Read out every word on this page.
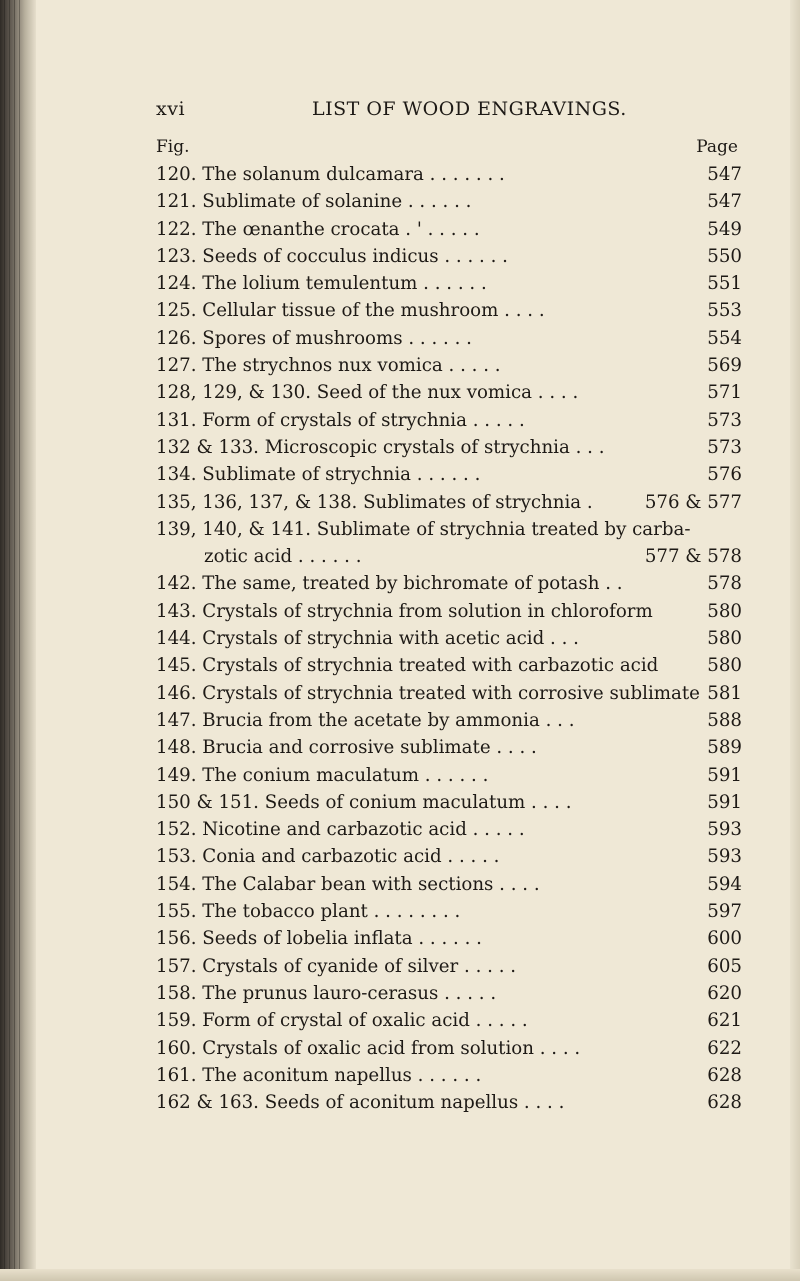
xvi	LIST OF WOOD ENGRAVINGS.
Fig.	Page
120. The solanum dulcamara . . . . . . .	547
121. Sublimate of solanine . . . . . .	547
122. The œnanthe crocata . ' . . . . .	549
123. Seeds of cocculus indicus . . . . . .	550
124. The lolium temulentum . . . . . .	551
125. Cellular tissue of the mushroom . . . .	553
126. Spores of mushrooms . . . . . .	554
127. The strychnos nux vomica . . . . .	569
128, 129, & 130. Seed of the nux vomica . . . .	571
131. Form of crystals of strychnia . . . . .	573
132 & 133. Microscopic crystals of strychnia . . .	573
134. Sublimate of strychnia . . . . . .	576
135, 136, 137, & 138. Sublimates of strychnia .	576 & 577
139, 140, & 141. Sublimate of strychnia treated by carba-
zotic acid . . . . . .	577 & 578
142. The same, treated by bichromate of potash . .	578
143. Crystals of strychnia from solution in chloroform	580
144. Crystals of strychnia with acetic acid . . .	580
145. Crystals of strychnia treated with carbazotic acid	580
146. Crystals of strychnia treated with corrosive sublimate 581
147. Brucia from the acetate by ammonia . . .	588
148. Brucia and corrosive sublimate . . . .	589
149. The conium maculatum . . . . . .	591
150 & 151. Seeds of conium maculatum . . . .	591
152. Nicotine and carbazotic acid . . . . .	593
153. Conia and carbazotic acid . . . . .	593
154. The Calabar bean with sections . . . .	594
155. The tobacco plant . . . . . . . .	597
156. Seeds of lobelia inflata . . . . . .	600
157. Crystals of cyanide of silver . . . . .	605
158. The prunus lauro-cerasus . . . . .	620
159. Form of crystal of oxalic acid . . . . .	621
160. Crystals of oxalic acid from solution . . . .	622
161. The aconitum napellus . . . . . .	628
162 & 163. Seeds of aconitum napellus . . . .	628
